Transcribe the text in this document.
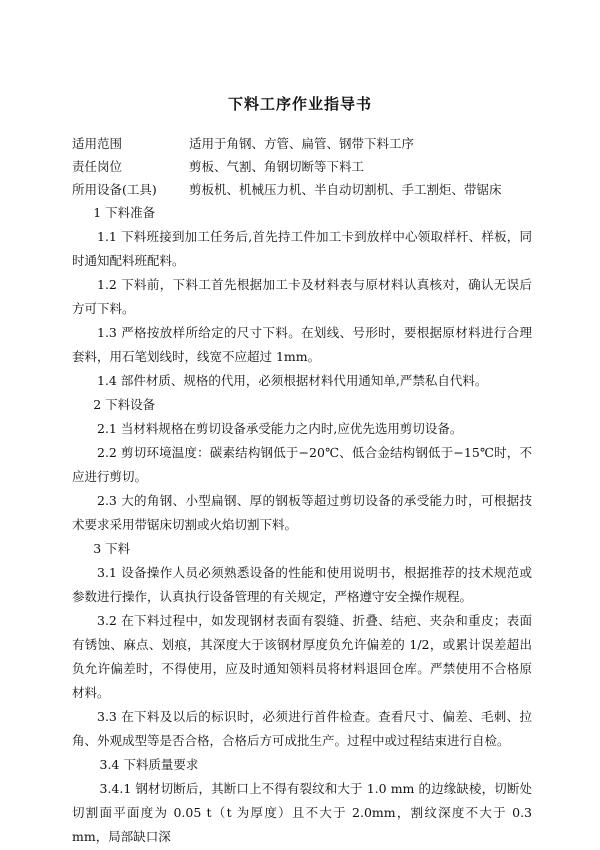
下料工序作业指导书
适用范围	适用于角钢、方管、扁管、钢带下料工序
责任岗位	剪板、气割、角钢切断等下料工
所用设备(工具)	剪板机、机械压力机、半自动切割机、手工割炬、带锯床

1 下料准备

1.1 下料班接到加工任务后,首先持工件加工卡到放样中心领取样杆、样板，同时通知配料班配料。

1.2 下料前，下料工首先根据加工卡及材料表与原材料认真核对，确认无误后方可下料。

1.3 严格按放样所给定的尺寸下料。在划线、号形时，要根据原材料进行合理套料，用石笔划线时，线宽不应超过 1mm。

1.4 部件材质、规格的代用，必须根据材料代用通知单,严禁私自代料。

2 下料设备

2.1 当材料规格在剪切设备承受能力之内时,应优先选用剪切设备。

2.2 剪切环境温度：碳素结构钢低于−20℃、低合金结构钢低于−15℃时，不应进行剪切。

2.3 大的角钢、小型扁钢、厚的钢板等超过剪切设备的承受能力时，可根据技术要求采用带锯床切割或火焰切割下料。

3 下料

3.1 设备操作人员必须熟悉设备的性能和使用说明书，根据推荐的技术规范或参数进行操作，认真执行设备管理的有关规定，严格遵守安全操作规程。

3.2 在下料过程中，如发现钢材表面有裂缝、折叠、结疤、夹杂和重皮；表面有锈蚀、麻点、划痕，其深度大于该钢材厚度负允许偏差的 1/2，或累计误差超出负允许偏差时，不得使用，应及时通知领料员将材料退回仓库。严禁使用不合格原材料。

3.3 在下料及以后的标识时，必须进行首件检查。查看尺寸、偏差、毛刺、拉角、外观成型等是否合格，合格后方可成批生产。过程中或过程结束进行自检。

3.4 下料质量要求

3.4.1 钢材切断后，其断口上不得有裂纹和大于 1.0 mm 的边缘缺棱，切断处切割面平面度为 0.05 t（t 为厚度）且不大于 2.0mm，割纹深度不大于 0.3 mm，局部缺口深
